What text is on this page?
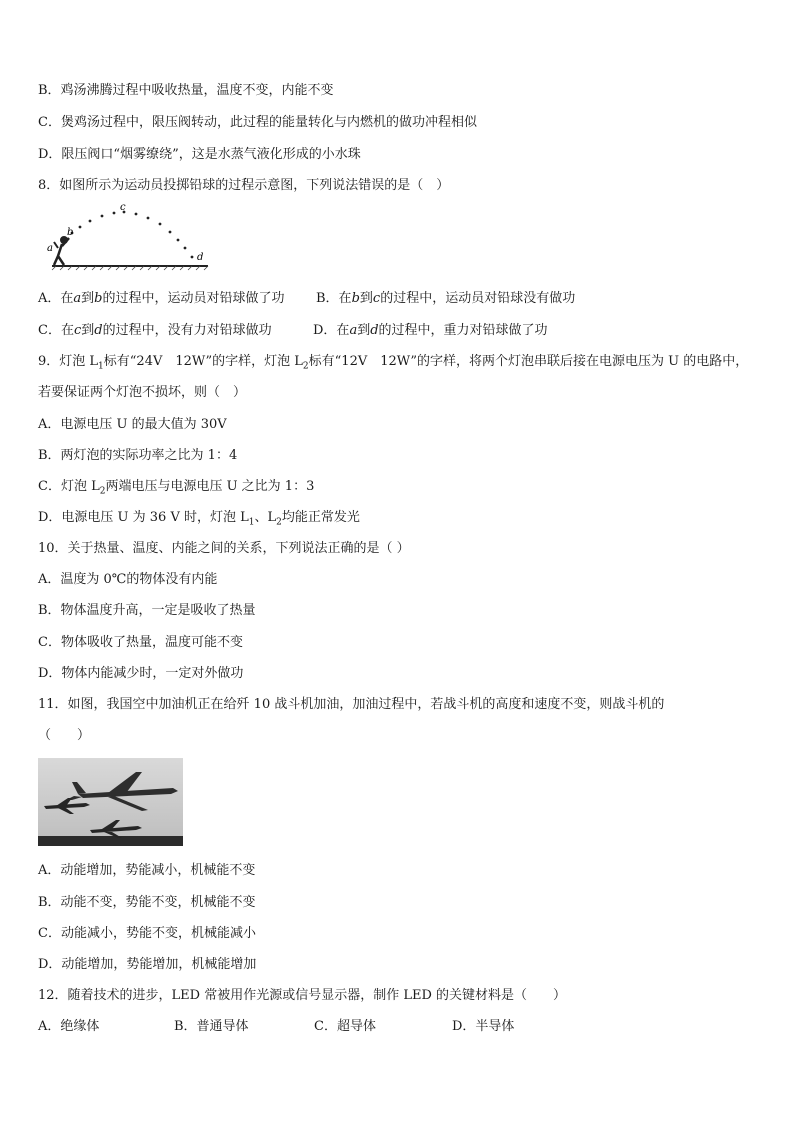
B．鸡汤沸腾过程中吸收热量，温度不变，内能不变
C．煲鸡汤过程中，限压阀转动，此过程的能量转化与内燃机的做功冲程相似
D．限压阀口“烟雾缭绕”，这是水蒸气液化形成的小水珠
8．如图所示为运动员投掷铅球的过程示意图，下列说法错误的是（　）
a
b
c
d
A．在a到b的过程中，运动员对铅球做了功 B．在b到c的过程中，运动员对铅球没有做功
C．在c到d的过程中，没有力对铅球做功	D．在a到d的过程中，重力对铅球做了功
9．灯泡 $L_1$标有“24V　12W”的字样，灯泡 $L_2$标有“12V　12W”的字样，将两个灯泡串联后接在电源电压为 U 的电路中，
若要保证两个灯泡不损坏，则（　）
A．电源电压 U 的最大值为 30V
B．两灯泡的实际功率之比为 1：4
C．灯泡 $L_2$两端电压与电源电压 U 之比为 1：3
D．电源电压 U 为 36 V 时，灯泡 $L_1$、$L_2$均能正常发光
10．关于热量、温度、内能之间的关系，下列说法正确的是（ ）
A．温度为 0℃的物体没有内能
B．物体温度升高，一定是吸收了热量
C．物体吸收了热量，温度可能不变
D．物体内能减少时，一定对外做功
11．如图，我国空中加油机正在给歼 10 战斗机加油，加油过程中，若战斗机的高度和速度不变，则战斗机的
（　　）
A．动能增加，势能减小，机械能不变
B．动能不变，势能不变，机械能不变
C．动能减小，势能不变，机械能减小
D．动能增加，势能增加，机械能增加
12．随着技术的进步，LED 常被用作光源或信号显示器，制作 LED 的关键材料是（　　）
A．绝缘体	B．普通导体	C．超导体	D．半导体
